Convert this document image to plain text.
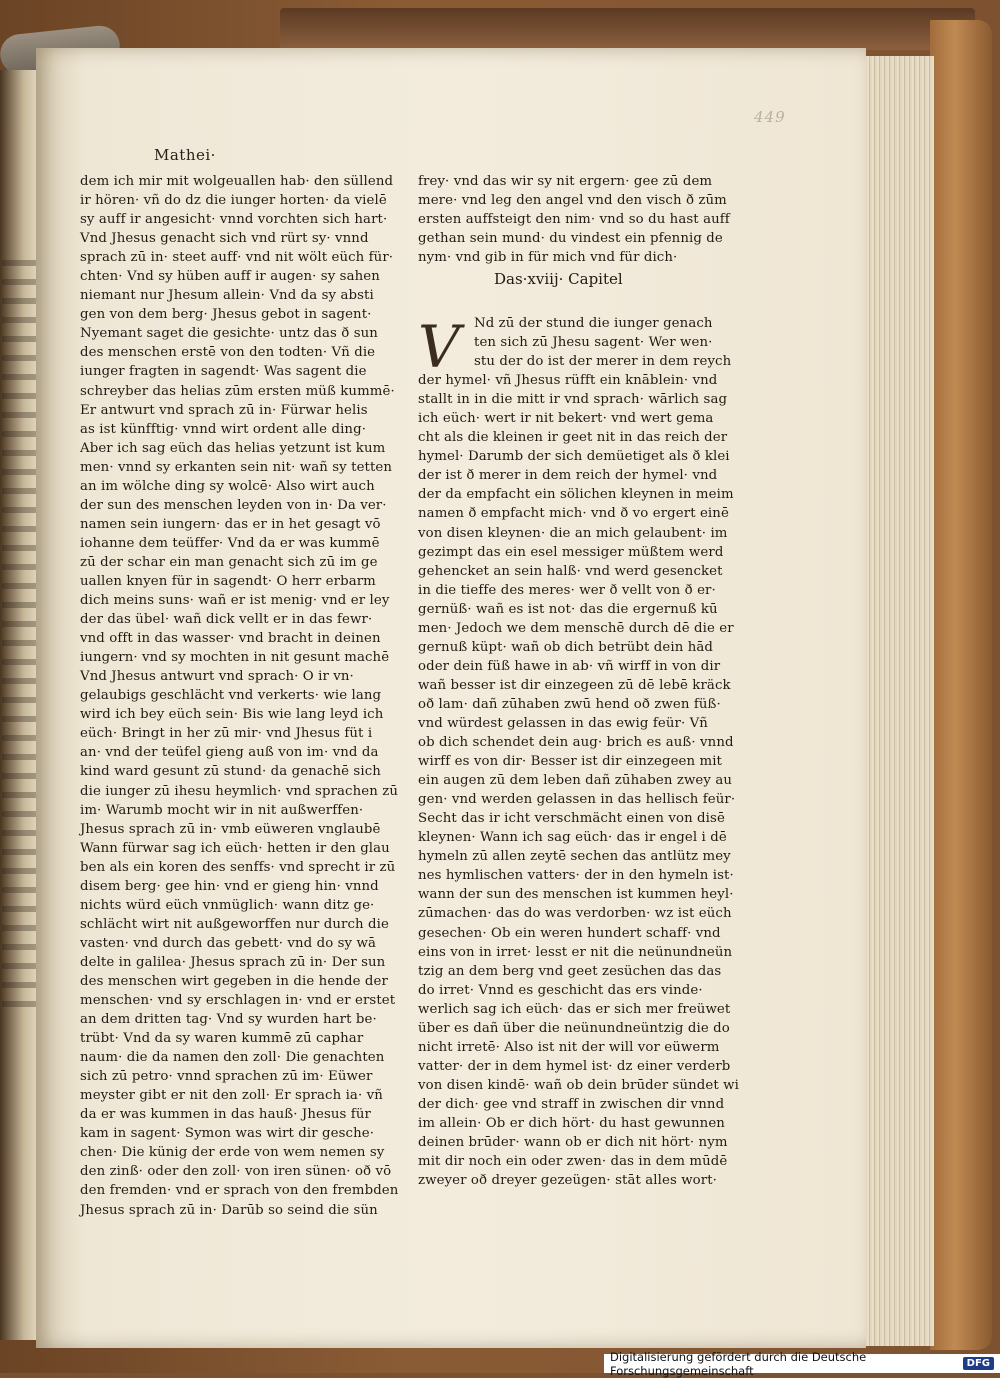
449
Mathei·
dem ich mir mit wolgeuallen hab· den süllend
ir hören· vñ do dz die iunger horten· da vielē
sy auff ir angesicht· vnnd vorchten sich hart·
Vnd Jhesus genacht sich vnd rürt sy· vnnd
sprach zū in· steet auff· vnd nit wölt eüch für·
chten· Vnd sy hüben auff ir augen· sy sahen
niemant nur Jhesum allein· Vnd da sy absti
gen von dem berg· Jhesus gebot in sagent·
Nyemant saget die gesichte· untz das ð sun
des menschen erstē von den todten· Vñ die
iunger fragten in sagendt· Was sagent die
schreyber das helias zūm ersten müß kummē·
Er antwurt vnd sprach zū in· Fürwar helis
as ist künfftig· vnnd wirt ordent alle ding·
Aber ich sag eüch das helias yetzunt ist kum
men· vnnd sy erkanten sein nit· wañ sy tetten
an im wölche ding sy wolcē· Also wirt auch
der sun des menschen leyden von in· Da ver·
namen sein iungern· das er in het gesagt vō
iohanne dem teüffer· Vnd da er was kummē
zū der schar ein man genacht sich zū im ge
uallen knyen für in sagendt· O herr erbarm
dich meins suns· wañ er ist menig· vnd er ley
der das übel· wañ dick vellt er in das fewr·
vnd offt in das wasser· vnd bracht in deinen
iungern· vnd sy mochten in nit gesunt machē
Vnd Jhesus antwurt vnd sprach· O ir vn·
gelaubigs geschlächt vnd verkerts· wie lang
wird ich bey eüch sein· Bis wie lang leyd ich
eüch· Bringt in her zū mir· vnd Jhesus füt i
an· vnd der teüfel gieng auß von im· vnd da
kind ward gesunt zū stund· da genachē sich
die iunger zū ihesu heymlich· vnd sprachen zū
im· Warumb mocht wir in nit außwerffen·
Jhesus sprach zū in· vmb eüweren vnglaubē
Wann fürwar sag ich eüch· hetten ir den glau
ben als ein koren des senffs· vnd sprecht ir zū
disem berg· gee hin· vnd er gieng hin· vnnd
nichts würd eüch vnmüglich· wann ditz ge·
schlächt wirt nit außgeworffen nur durch die
vasten· vnd durch das gebett· vnd do sy wā
delte in galilea· Jhesus sprach zū in· Der sun
des menschen wirt gegeben in die hende der
menschen· vnd sy erschlagen in· vnd er erstet
an dem dritten tag· Vnd sy wurden hart be·
trübt· Vnd da sy waren kummē zū caphar
naum· die da namen den zoll· Die genachten
sich zū petro· vnnd sprachen zū im· Eüwer
meyster gibt er nit den zoll· Er sprach ia· vñ
da er was kummen in das hauß· Jhesus für
kam in sagent· Symon was wirt dir gesche·
chen· Die künig der erde von wem nemen sy
den zinß· oder den zoll· von iren sünen· oð vō
den fremden· vnd er sprach von den frembden
Jhesus sprach zū in· Darūb so seind die sün
frey· vnd das wir sy nit ergern· gee zū dem
mere· vnd leg den angel vnd den visch ð zūm
ersten auffsteigt den nim· vnd so du hast auff
gethan sein mund· du vindest ein pfennig de
nym· vnd gib in für mich vnd für dich·
Das·xviij· Capitel
V	Nd zū der stund die iunger genach
ten sich zū Jhesu sagent· Wer wen·
stu der do ist der merer in dem reych
der hymel· vñ Jhesus rüfft ein knāblein· vnd
stallt in in die mitt ir vnd sprach· wārlich sag
ich eüch· wert ir nit bekert· vnd wert gema
cht als die kleinen ir geet nit in das reich der
hymel· Darumb der sich demüetiget als ð klei
der ist ð merer in dem reich der hymel· vnd
der da empfacht ein sölichen kleynen in meim
namen ð empfacht mich· vnd ð vo ergert einē
von disen kleynen· die an mich gelaubent· im
gezimpt das ein esel messiger müßtem werd
gehencket an sein halß· vnd werd gesencket
in die tieffe des meres· wer ð vellt von ð er·
gernüß· wañ es ist not· das die ergernuß kū
men· Jedoch we dem menschē durch dē die er
gernuß küpt· wañ ob dich betrübt dein hād
oder dein füß hawe in ab· vñ wirff in von dir
wañ besser ist dir einzegeen zū dē lebē kräck
oð lam· dañ zūhaben zwū hend oð zwen füß·
vnd würdest gelassen in das ewig feür· Vñ
ob dich schendet dein aug· brich es auß· vnnd
wirff es von dir· Besser ist dir einzegeen mit
ein augen zū dem leben dañ zūhaben zwey au
gen· vnd werden gelassen in das hellisch feür·
Secht das ir icht verschmächt einen von disē
kleynen· Wann ich sag eüch· das ir engel i dē
hymeln zū allen zeytē sechen das antlütz mey
nes hymlischen vatters· der in den hymeln ist·
wann der sun des menschen ist kummen heyl·
zūmachen· das do was verdorben· wz ist eüch
gesechen· Ob ein weren hundert schaff· vnd
eins von in irret· lesst er nit die neünundneün
tzig an dem berg vnd geet zesüchen das das
do irret· Vnnd es geschicht das ers vinde·
werlich sag ich eüch· das er sich mer freüwet
über es dañ über die neünundneüntzig die do
nicht irretē· Also ist nit der will vor eüwerm
vatter· der in dem hymel ist· dz einer verderb
von disen kindē· wañ ob dein brūder sündet wi
der dich· gee vnd straff in zwischen dir vnnd
im allein· Ob er dich hört· du hast gewunnen
deinen brūder· wann ob er dich nit hört· nym
mit dir noch ein oder zwen· das in dem mūdē
zweyer oð dreyer gezeügen· stāt alles wort·
Digitalisierung gefördert durch die Deutsche Forschungsgemeinschaft	DFG
